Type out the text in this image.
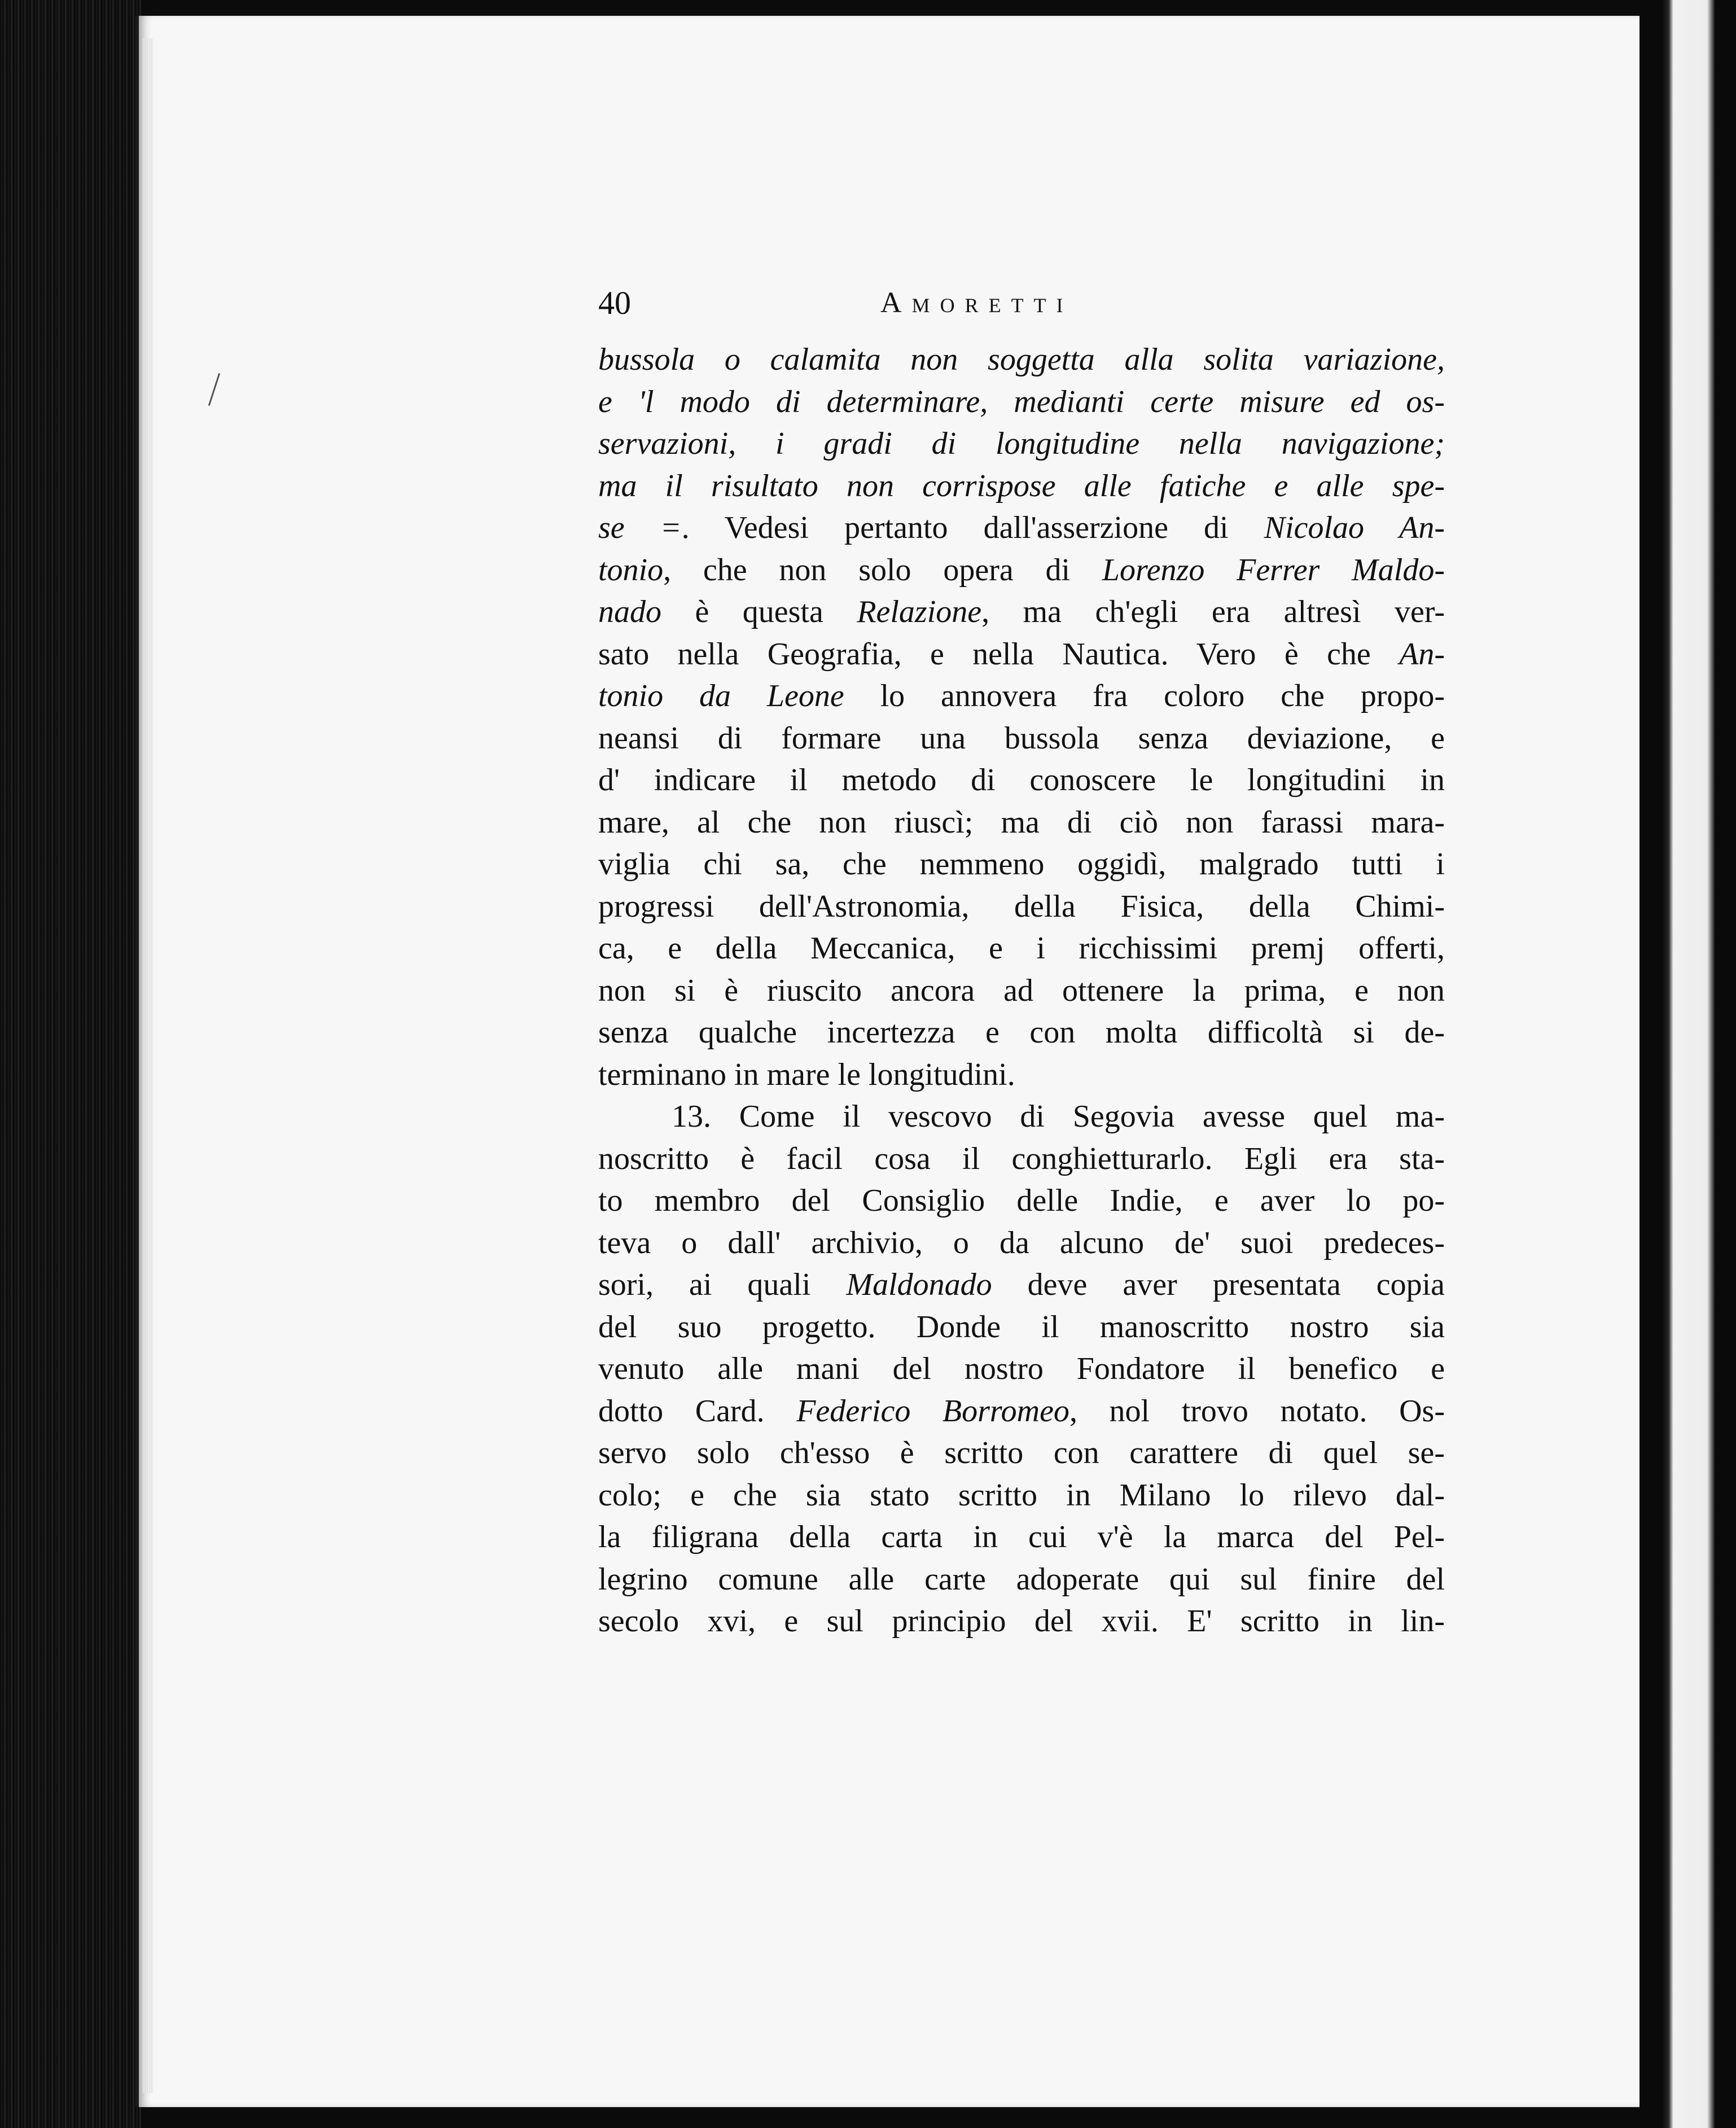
40	Amoretti
bussola o calamita non soggetta alla solita variazione,
e 'l modo di determinare, medianti certe misure ed os-
servazioni, i gradi di longitudine nella navigazione;
ma il risultato non corrispose alle fatiche e alle spe-
se =. Vedesi pertanto dall'asserzione di Nicolao An-
tonio, che non solo opera di Lorenzo Ferrer Maldo-
nado è questa Relazione, ma ch'egli era altresì ver-
sato nella Geografia, e nella Nautica. Vero è che An-
tonio da Leone lo annovera fra coloro che propo-
neansi di formare una bussola senza deviazione, e
d' indicare il metodo di conoscere le longitudini in
mare, al che non riuscì; ma di ciò non farassi mara-
viglia chi sa, che nemmeno oggidì, malgrado tutti i
progressi dell'Astronomia, della Fisica, della Chimi-
ca, e della Meccanica, e i ricchissimi premj offerti,
non si è riuscito ancora ad ottenere la prima, e non
senza qualche incertezza e con molta difficoltà si de-
terminano in mare le longitudini.
13. Come il vescovo di Segovia avesse quel ma-
noscritto è facil cosa il conghietturarlo. Egli era sta-
to membro del Consiglio delle Indie, e aver lo po-
teva o dall' archivio, o da alcuno de' suoi predeces-
sori, ai quali Maldonado deve aver presentata copia
del suo progetto. Donde il manoscritto nostro sia
venuto alle mani del nostro Fondatore il benefico e
dotto Card. Federico Borromeo, nol trovo notato. Os-
servo solo ch'esso è scritto con carattere di quel se-
colo; e che sia stato scritto in Milano lo rilevo dal-
la filigrana della carta in cui v'è la marca del Pel-
legrino comune alle carte adoperate qui sul finire del
secolo xvi, e sul principio del xvii. E' scritto in lin-
